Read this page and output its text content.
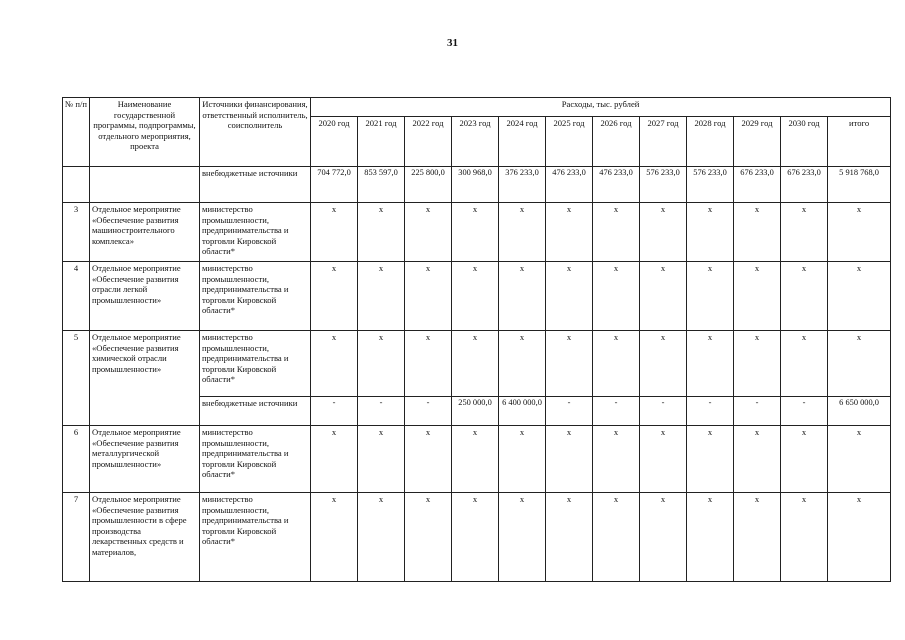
31
№ п/п	Наименование государственной программы, подпрограммы, отдельного мероприятия, проекта	Источники финансирования, ответственный исполнитель, соисполнитель	Расходы, тыс. рублей											
			2020 год	2021 год	2022 год	2023 год	2024 год	2025 год	2026 год	2027 год	2028 год	2029 год	2030 год	итого
		внебюджетные источники	704 772,0	853 597,0	225 800,0	300 968,0	376 233,0	476 233,0	476 233,0	576 233,0	576 233,0	676 233,0	676 233,0	5 918 768,0
3	Отдельное мероприятие «Обеспечение развития машиностроительного комплекса»	министерство промышленности, предпринимательства и торговли Кировской области*	x	x	x	x	x	x	x	x	x	x	x	x
4	Отдельное мероприятие «Обеспечение развития отрасли легкой промышленности»	министерство промышленности, предпринимательства и торговли Кировской области*	x	x	x	x	x	x	x	x	x	x	x	x
5	Отдельное мероприятие «Обеспечение развития химической отрасли промышленности»	министерство промышленности, предпринимательства и торговли Кировской области*	x	x	x	x	x	x	x	x	x	x	x	x
		внебюджетные источники	-	-	-	250 000,0	6 400 000,0	-	-	-	-	-	-	6 650 000,0
6	Отдельное мероприятие «Обеспечение развития металлургической промышленности»	министерство промышленности, предпринимательства и торговли Кировской области*	x	x	x	x	x	x	x	x	x	x	x	x
7	Отдельное мероприятие «Обеспечение развития промышленности в сфере производства лекарственных средств и материалов,	министерство промышленности, предпринимательства и торговли Кировской области*	x	x	x	x	x	x	x	x	x	x	x	x
